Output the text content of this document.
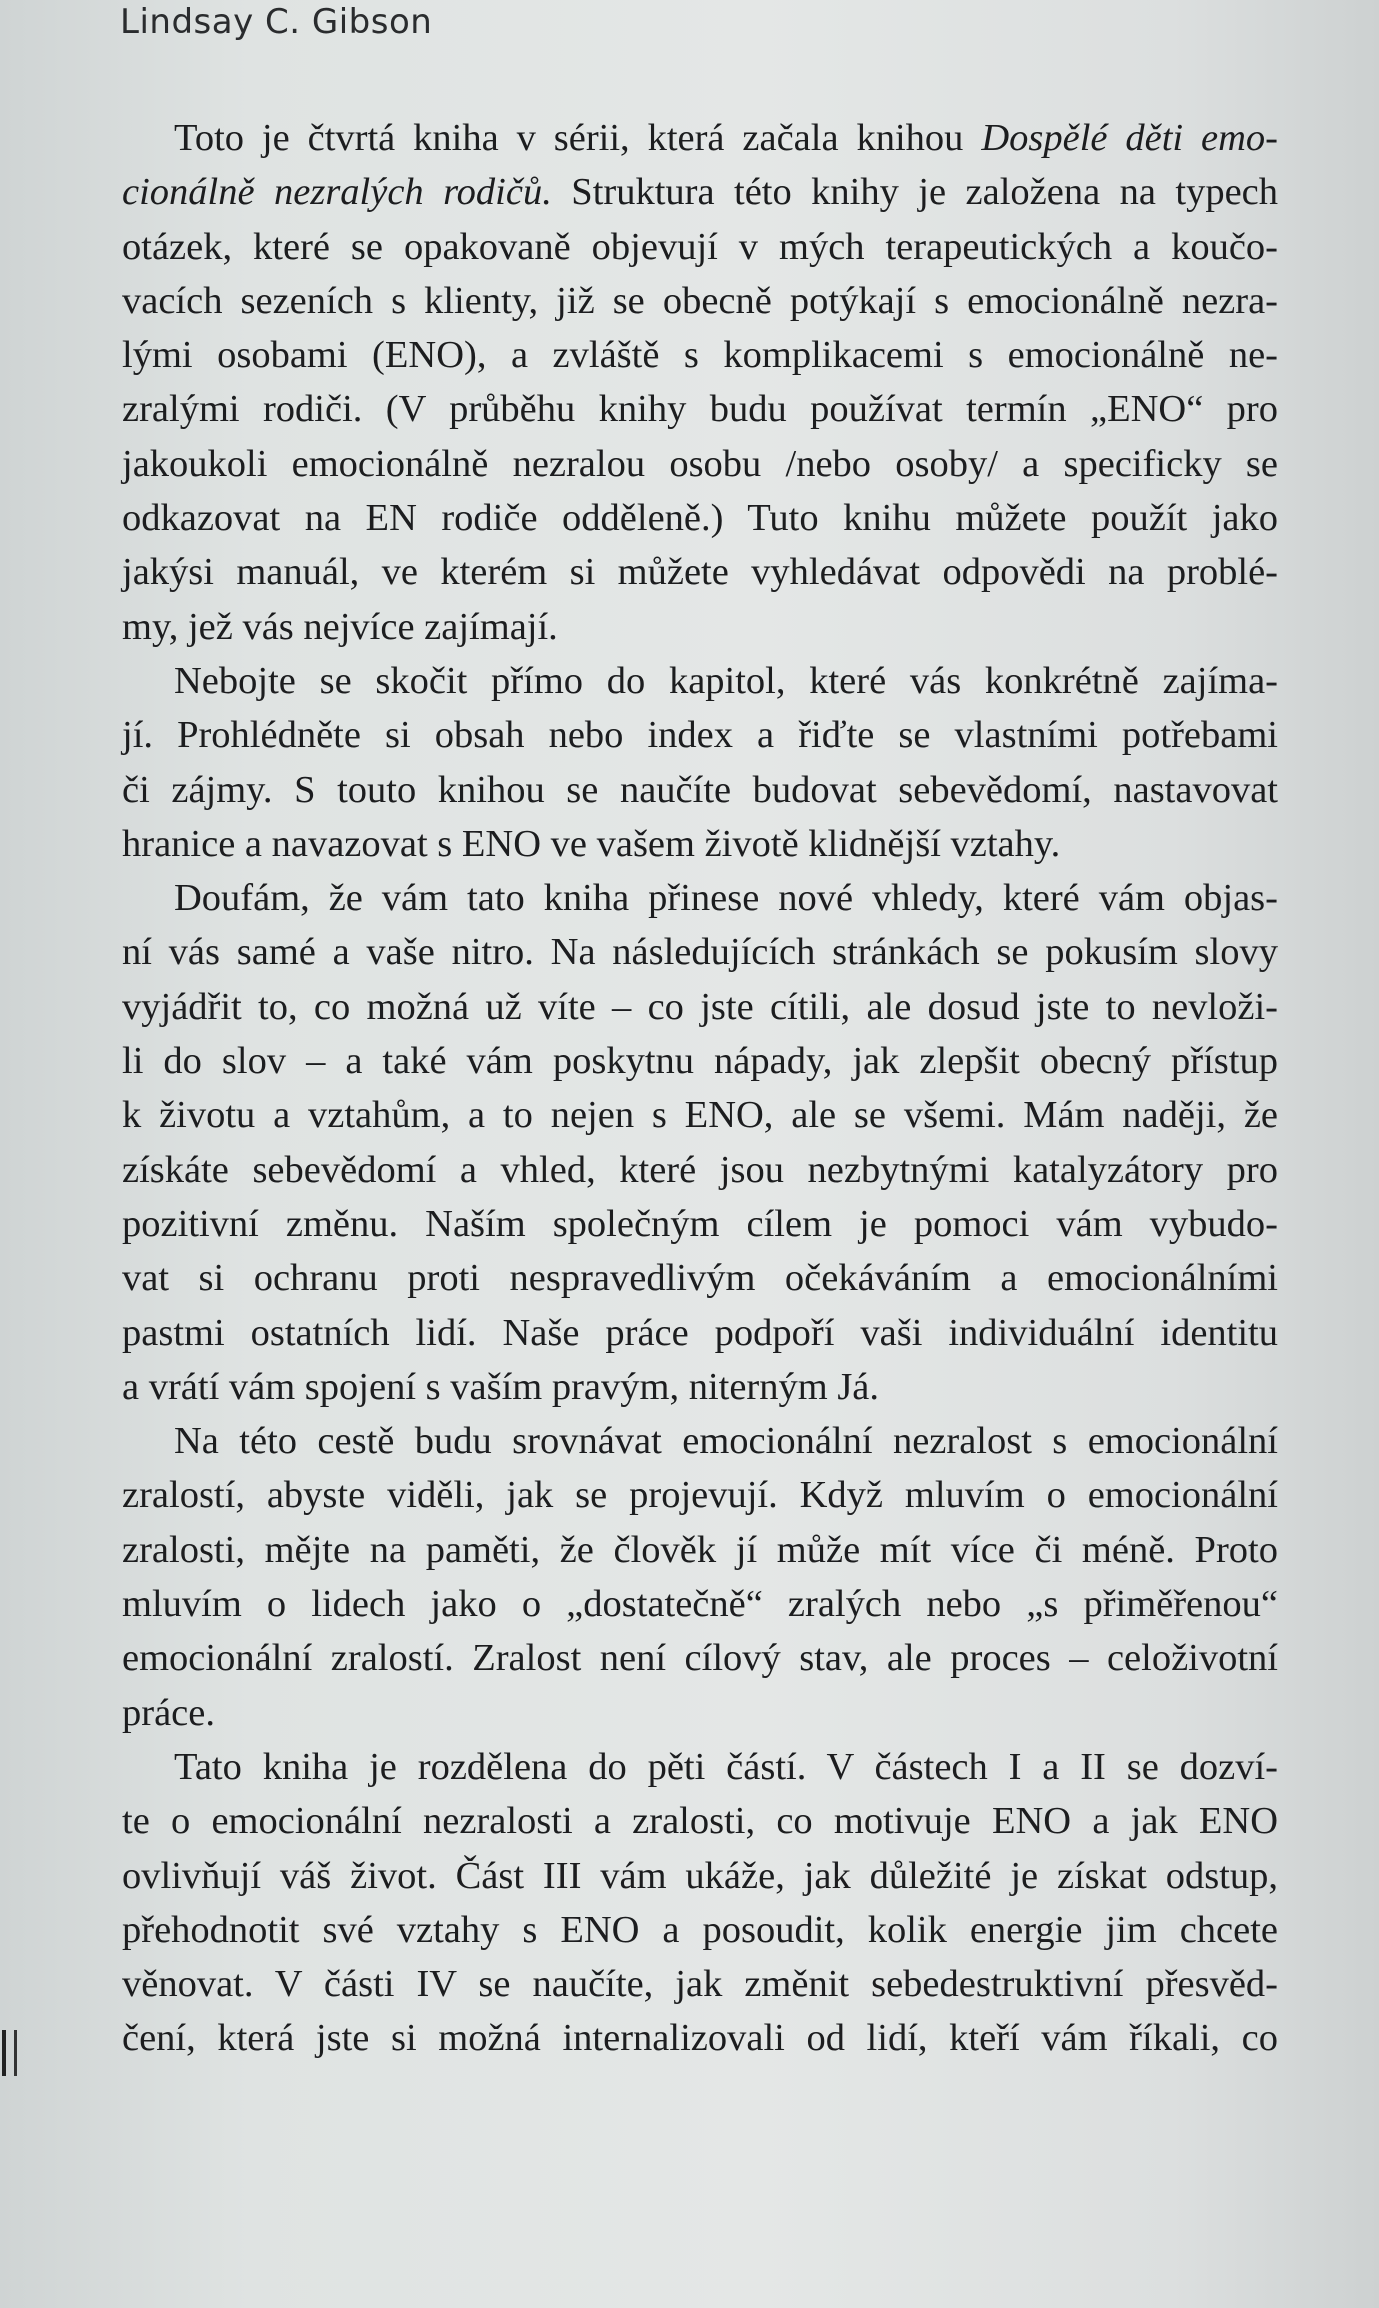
Lindsay C. Gibson
Toto je čtvrtá kniha v sérii, která začala knihou Dospělé děti emo-
cionálně nezralých rodičů. Struktura této knihy je založena na typech
otázek, které se opakovaně objevují v mých terapeutických a koučo-
vacích sezeních s klienty, již se obecně potýkají s emocionálně nezra-
lými osobami (ENO), a zvláště s komplikacemi s emocionálně ne-
zralými rodiči. (V průběhu knihy budu používat termín „ENO“ pro
jakoukoli emocionálně nezralou osobu /nebo osoby/ a specificky se
odkazovat na EN rodiče odděleně.) Tuto knihu můžete použít jako
jakýsi manuál, ve kterém si můžete vyhledávat odpovědi na problé-
my, jež vás nejvíce zajímají.
Nebojte se skočit přímo do kapitol, které vás konkrétně zajíma-
jí. Prohlédněte si obsah nebo index a řiďte se vlastními potřebami
či zájmy. S touto knihou se naučíte budovat sebevědomí, nastavovat
hranice a navazovat s ENO ve vašem životě klidnější vztahy.
Doufám, že vám tato kniha přinese nové vhledy, které vám objas-
ní vás samé a vaše nitro. Na následujících stránkách se pokusím slovy
vyjádřit to, co možná už víte – co jste cítili, ale dosud jste to nevloži-
li do slov – a také vám poskytnu nápady, jak zlepšit obecný přístup
k životu a vztahům, a to nejen s ENO, ale se všemi. Mám naději, že
získáte sebevědomí a vhled, které jsou nezbytnými katalyzátory pro
pozitivní změnu. Naším společným cílem je pomoci vám vybudo-
vat si ochranu proti nespravedlivým očekáváním a emocionálními
pastmi ostatních lidí. Naše práce podpoří vaši individuální identitu
a vrátí vám spojení s vaším pravým, niterným Já.
Na této cestě budu srovnávat emocionální nezralost s emocionální
zralostí, abyste viděli, jak se projevují. Když mluvím o emocionální
zralosti, mějte na paměti, že člověk jí může mít více či méně. Proto
mluvím o lidech jako o „dostatečně“ zralých nebo „s přiměřenou“
emocionální zralostí. Zralost není cílový stav, ale proces – celoživotní
práce.
Tato kniha je rozdělena do pěti částí. V částech I a II se dozví-
te o emocionální nezralosti a zralosti, co motivuje ENO a jak ENO
ovlivňují váš život. Část III vám ukáže, jak důležité je získat odstup,
přehodnotit své vztahy s ENO a posoudit, kolik energie jim chcete
věnovat. V části IV se naučíte, jak změnit sebedestruktivní přesvěd-
čení, která jste si možná internalizovali od lidí, kteří vám říkali, co
